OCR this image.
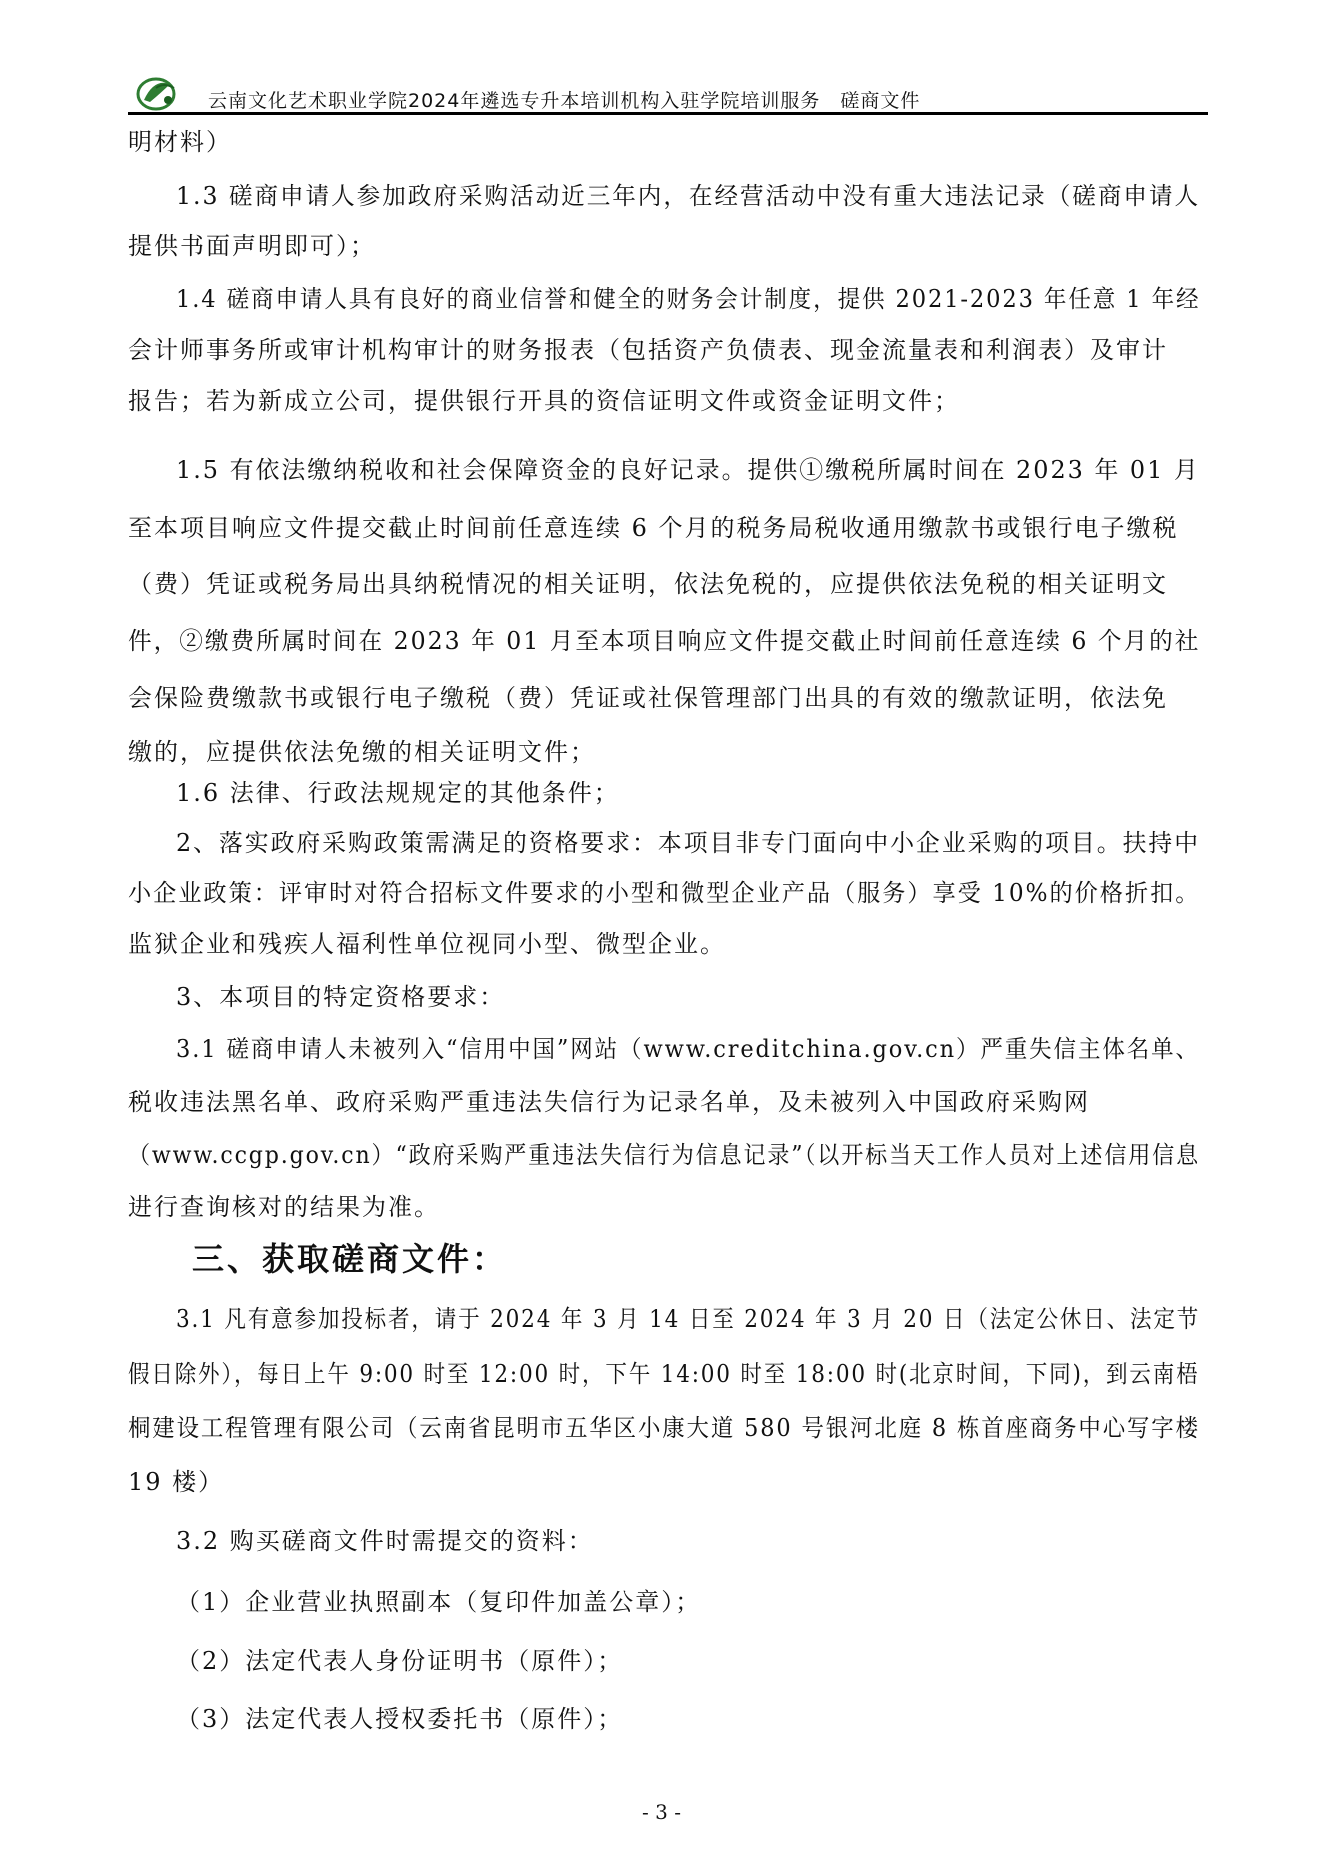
云南文化艺术职业学院2024年遴选专升本培训机构入驻学院培训服务　磋商文件
明材料）
1.3 磋商申请人参加政府采购活动近三年内，在经营活动中没有重大违法记录（磋商申请人
提供书面声明即可）；
1.4 磋商申请人具有良好的商业信誉和健全的财务会计制度，提供 2021-2023 年任意 1 年经
会计师事务所或审计机构审计的财务报表（包括资产负债表、现金流量表和利润表）及审计
报告；若为新成立公司，提供银行开具的资信证明文件或资金证明文件；
1.5 有依法缴纳税收和社会保障资金的良好记录。提供①缴税所属时间在 2023 年 01 月
至本项目响应文件提交截止时间前任意连续 6 个月的税务局税收通用缴款书或银行电子缴税
（费）凭证或税务局出具纳税情况的相关证明，依法免税的，应提供依法免税的相关证明文
件，②缴费所属时间在 2023 年 01 月至本项目响应文件提交截止时间前任意连续 6 个月的社
会保险费缴款书或银行电子缴税（费）凭证或社保管理部门出具的有效的缴款证明，依法免
缴的，应提供依法免缴的相关证明文件；
1.6 法律、行政法规规定的其他条件；
2、落实政府采购政策需满足的资格要求：本项目非专门面向中小企业采购的项目。扶持中
小企业政策：评审时对符合招标文件要求的小型和微型企业产品（服务）享受 10%的价格折扣。
监狱企业和残疾人福利性单位视同小型、微型企业。
3、本项目的特定资格要求：
3.1 磋商申请人未被列入“信用中国”网站（www.creditchina.gov.cn）严重失信主体名单、
税收违法黑名单、政府采购严重违法失信行为记录名单，及未被列入中国政府采购网
（www.ccgp.gov.cn）“政府采购严重违法失信行为信息记录”（以开标当天工作人员对上述信用信息
进行查询核对的结果为准。
三、获取磋商文件：
3.1 凡有意参加投标者，请于 2024 年 3 月 14 日至 2024 年 3 月 20 日（法定公休日、法定节
假日除外），每日上午 9:00 时至 12:00 时，下午 14:00 时至 18:00 时(北京时间，下同)，到云南梧
桐建设工程管理有限公司（云南省昆明市五华区小康大道 580 号银河北庭 8 栋首座商务中心写字楼
19 楼）
3.2 购买磋商文件时需提交的资料：
（1）企业营业执照副本（复印件加盖公章）；
（2）法定代表人身份证明书（原件）；
（3）法定代表人授权委托书（原件）；
- 3 -
